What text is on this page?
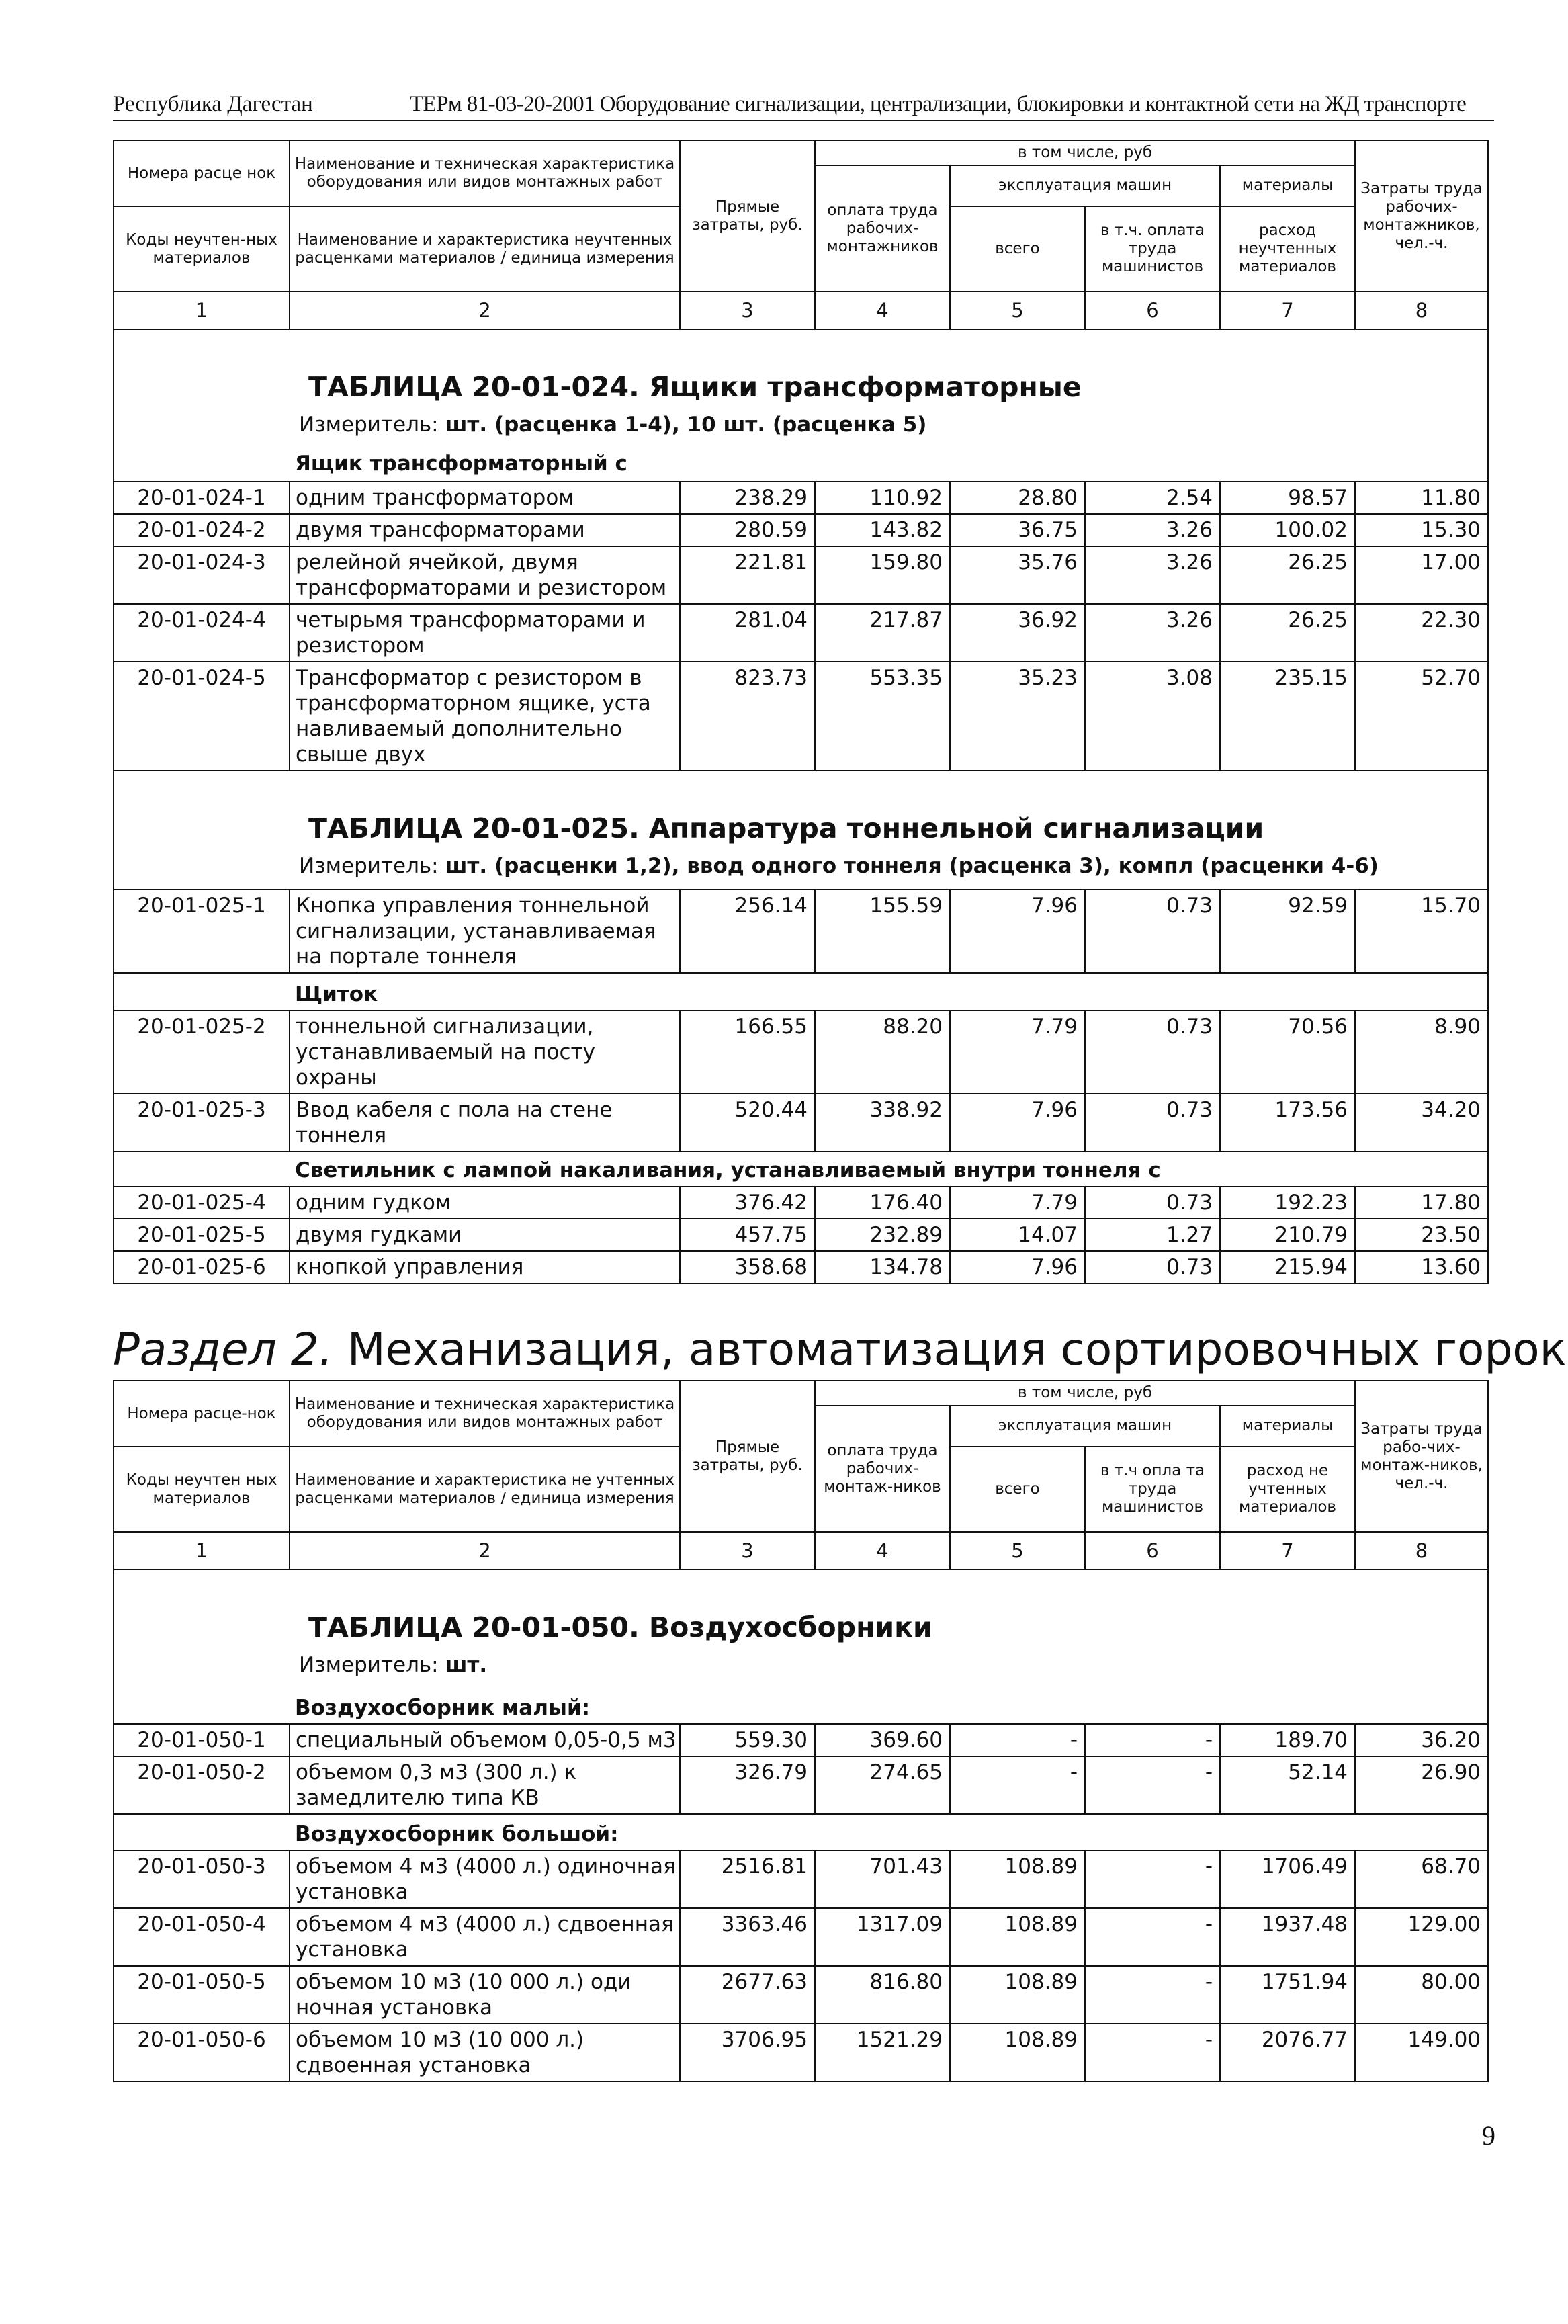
Республика Дагестан	ТЕРм 81-03-20-2001 Оборудование сигнализации, централизации, блокировки и контактной сети на ЖД транспорте
Номера расце нок	Наименование и техническая характеристика оборудования или видов монтажных работ	Прямые затраты, руб.	в том числе, руб				Затраты труда рабочих-монтажников, чел.-ч.
			оплата труда рабочих-монтажников	эксплуатация машин		материалы	
Коды неучтен-ных материалов	Наименование и характеристика неучтенных расценками материалов / единица измерения			всего	в т.ч. оплата труда машинистов	расход неучтенных материалов	

1	2	3	4	5	6	7	8

	ТАБЛИЦА 20-01-024. Ящики трансформаторные						

	Измеритель: шт. (расценка 1-4), 10 шт. (расценка 5)						

	Ящик трансформаторный с						

20-01-024-1	одним трансформатором	238.29	110.92	28.80	2.54	98.57	11.80
20-01-024-2	двумя трансформаторами	280.59	143.82	36.75	3.26	100.02	15.30
20-01-024-3	релейной ячейкой, двумя трансформаторами и резистором	221.81	159.80	35.76	3.26	26.25	17.00
20-01-024-4	четырьмя трансформаторами и резистором	281.04	217.87	36.92	3.26	26.25	22.30
20-01-024-5	Трансформатор с резистором в трансформаторном ящике, уста навливаемый дополнительно свыше двух	823.73	553.35	35.23	3.08	235.15	52.70

	ТАБЛИЦА 20-01-025. Аппаратура тоннельной сигнализации						

	Измеритель: шт. (расценки 1,2), ввод одного тоннеля (расценка 3), компл (расценки 4-6)						

20-01-025-1	Кнопка управления тоннельной сигнализации, устанавливаемая на портале тоннеля	256.14	155.59	7.96	0.73	92.59	15.70

	Щиток						

20-01-025-2	тоннельной сигнализации, устанавливаемый на посту охраны	166.55	88.20	7.79	0.73	70.56	8.90
20-01-025-3	Ввод кабеля с пола на стене тоннеля	520.44	338.92	7.96	0.73	173.56	34.20

	Светильник с лампой накаливания, устанавливаемый внутри тоннеля с						

20-01-025-4	одним гудком	376.42	176.40	7.79	0.73	192.23	17.80
20-01-025-5	двумя гудками	457.75	232.89	14.07	1.27	210.79	23.50
20-01-025-6	кнопкой управления	358.68	134.78	7.96	0.73	215.94	13.60
Раздел 2. Механизация, автоматизация сортировочных горок
Номера расце-нок	Наименование и техническая характеристика оборудования или видов монтажных работ	Прямые затраты, руб.	в том числе, руб				Затраты труда рабо-чих-монтаж-ников, чел.-ч.
			оплата труда рабочих-монтаж-ников	эксплуатация машин		материалы	
Коды неучтен ных материалов	Наименование и характеристика не учтенных расценками материалов / единица измерения			всего	в т.ч опла та труда машинистов	расход не учтенных материалов	

1	2	3	4	5	6	7	8

	ТАБЛИЦА 20-01-050. Воздухосборники						

	Измеритель: шт.						

	Воздухосборник малый:						

20-01-050-1	специальный объемом 0,05-0,5 м3	559.30	369.60	-	-	189.70	36.20
20-01-050-2	объемом 0,3 м3 (300 л.) к замедлителю типа КВ	326.79	274.65	-	-	52.14	26.90

	Воздухосборник большой:						

20-01-050-3	объемом 4 м3 (4000 л.) одиночная установка	2516.81	701.43	108.89	-	1706.49	68.70
20-01-050-4	объемом 4 м3 (4000 л.) сдвоенная установка	3363.46	1317.09	108.89	-	1937.48	129.00
20-01-050-5	объемом 10 м3 (10 000 л.) оди ночная установка	2677.63	816.80	108.89	-	1751.94	80.00
20-01-050-6	объемом 10 м3 (10 000 л.) сдвоенная установка	3706.95	1521.29	108.89	-	2076.77	149.00
9
